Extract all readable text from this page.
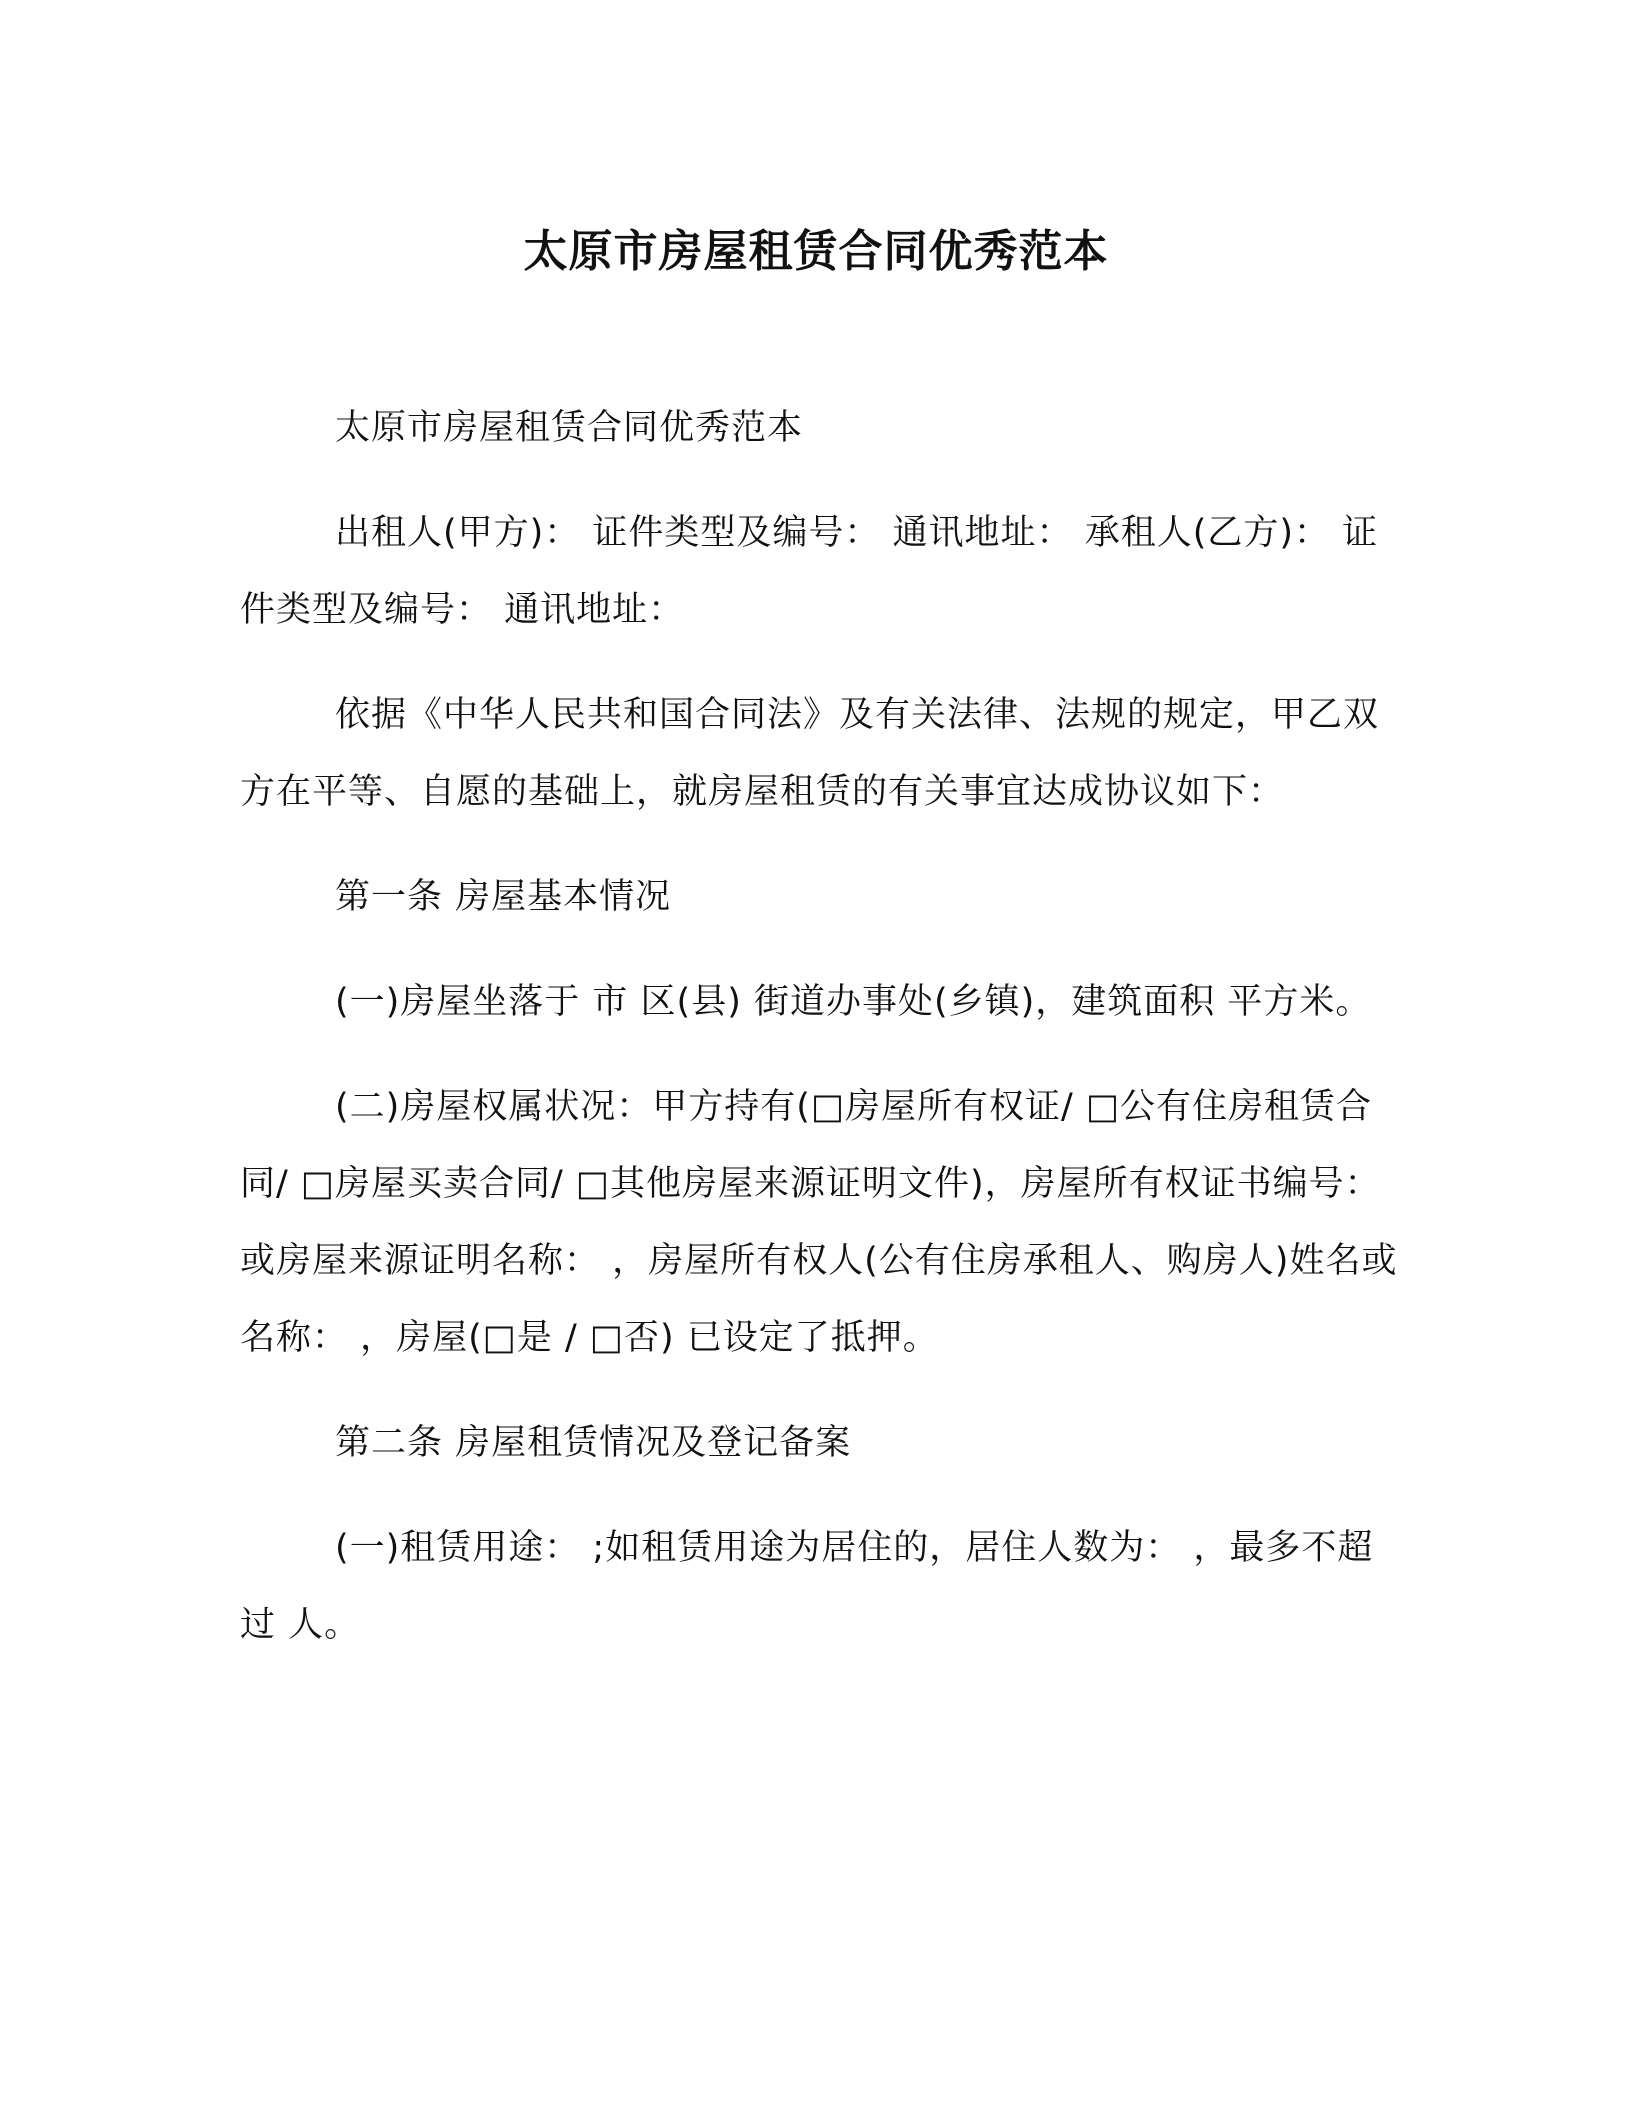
太原市房屋租赁合同优秀范本

太原市房屋租赁合同优秀范本

出租人(甲方)： 证件类型及编号： 通讯地址： 承租人(乙方)： 证件类型及编号： 通讯地址：

依据《中华人民共和国合同法》及有关法律、法规的规定，甲乙双方在平等、自愿的基础上，就房屋租赁的有关事宜达成协议如下：

第一条 房屋基本情况

(一)房屋坐落于 市 区(县) 街道办事处(乡镇)，建筑面积 平方米。

(二)房屋权属状况：甲方持有(□房屋所有权证/ □公有住房租赁合同/ □房屋买卖合同/ □其他房屋来源证明文件)，房屋所有权证书编号： 或房屋来源证明名称： ，房屋所有权人(公有住房承租人、购房人)姓名或名称： ，房屋(□是 / □否) 已设定了抵押。

第二条 房屋租赁情况及登记备案

(一)租赁用途： ;如租赁用途为居住的，居住人数为： ，最多不超过 人。
